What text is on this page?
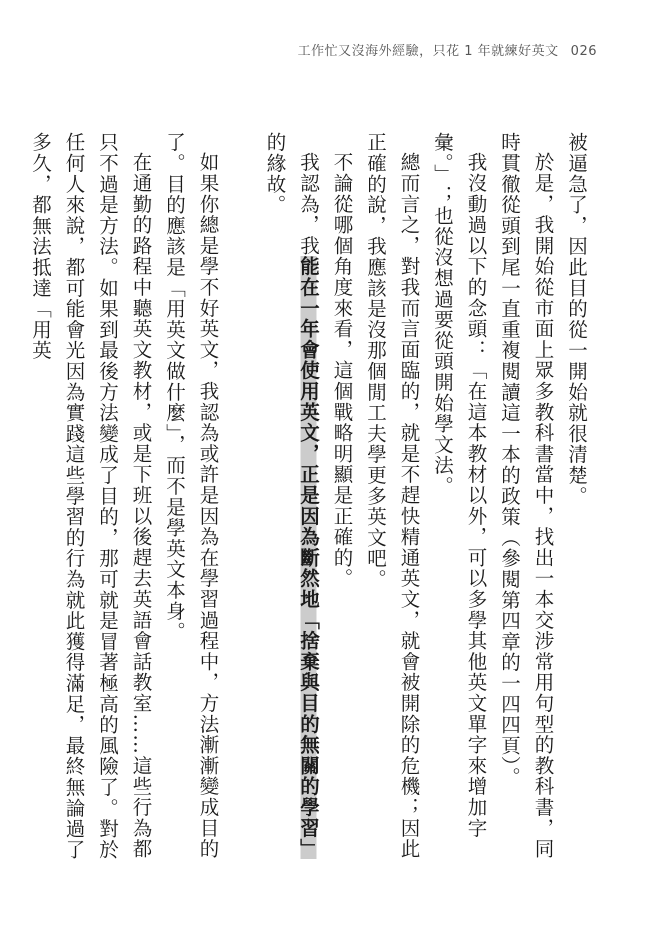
工作忙又沒海外經驗，只花 1 年就練好英文 026

被逼急了，因此目的從一開始就很清楚。

於是，我開始從市面上眾多教科書當中，找出一本交涉常用句型的教科書，同時貫徹從頭到尾一直重複閱讀這一本的政策（參閱第四章的一四四頁）。

我沒動過以下的念頭：「在這本教材以外，可以多學其他英文單字來增加字彙。」；也從沒想過要從頭開始學文法。

總而言之，對我而言面臨的，就是不趕快精通英文，就會被開除的危機；因此正確的說，我應該是沒那個閒工夫學更多英文吧。

不論從哪個角度來看，這個戰略明顯是正確的。

我認為，我能在一年會使用英文，正是因為斷然地「捨棄與目的無關的學習」的緣故。

如果你總是學不好英文，我認為或許是因為在學習過程中，方法漸漸變成目的了。目的應該是「用英文做什麼」，而不是學英文本身。

在通勤的路程中聽英文教材，或是下班以後趕去英語會話教室……這些行為都只不過是方法。如果到最後方法變成了目的，那可就是冒著極高的風險了。對於任何人來說，都可能會光因為實踐這些學習的行為就此獲得滿足，最終無論過了多久，都無法抵達「用英
